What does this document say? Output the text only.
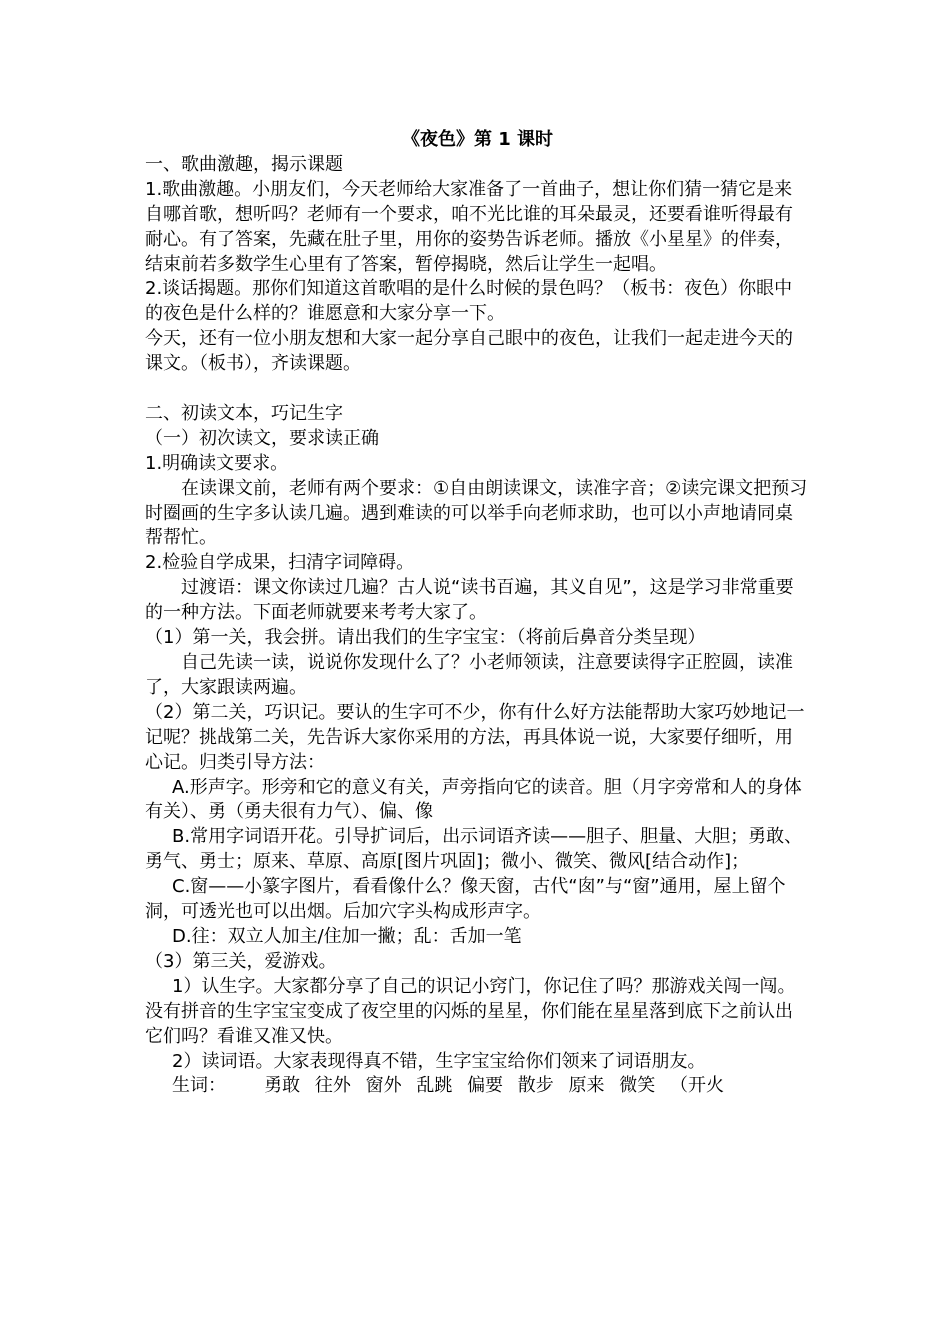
《夜色》第 1 课时

一、歌曲激趣，揭示课题

1.歌曲激趣。小朋友们，今天老师给大家准备了一首曲子，想让你们猜一猜它是来自哪首歌，想听吗？老师有一个要求，咱不光比谁的耳朵最灵，还要看谁听得最有耐心。有了答案，先藏在肚子里，用你的姿势告诉老师。播放《小星星》的伴奏，结束前若多数学生心里有了答案，暂停揭晓，然后让学生一起唱。

2.谈话揭题。那你们知道这首歌唱的是什么时候的景色吗？（板书：夜色）你眼中的夜色是什么样的？谁愿意和大家分享一下。

今天，还有一位小朋友想和大家一起分享自己眼中的夜色，让我们一起走进今天的课文。（板书），齐读课题。

二、初读文本，巧记生字

（一）初次读文，要求读正确

1.明确读文要求。

在读课文前，老师有两个要求：①自由朗读课文，读准字音；②读完课文把预习时圈画的生字多认读几遍。遇到难读的可以举手向老师求助，也可以小声地请同桌帮帮忙。

2.检验自学成果，扫清字词障碍。

过渡语：课文你读过几遍？古人说“读书百遍，其义自见”，这是学习非常重要的一种方法。下面老师就要来考考大家了。

（1）第一关，我会拼。请出我们的生字宝宝：（将前后鼻音分类呈现）

自己先读一读，说说你发现什么了？小老师领读，注意要读得字正腔圆，读准了，大家跟读两遍。

（2）第二关，巧识记。要认的生字可不少，你有什么好方法能帮助大家巧妙地记一记呢？挑战第二关，先告诉大家你采用的方法，再具体说一说，大家要仔细听，用心记。归类引导方法：

A.形声字。形旁和它的意义有关，声旁指向它的读音。胆（月字旁常和人的身体有关）、勇（勇夫很有力气）、偏、像

B.常用字词语开花。引导扩词后，出示词语齐读——胆子、胆量、大胆；勇敢、勇气、勇士；原来、草原、高原[图片巩固]；微小、微笑、微风[结合动作]；

C.窗——小篆字图片，看看像什么？像天窗，古代“囱”与“窗”通用，屋上留个洞，可透光也可以出烟。后加穴字头构成形声字。

D.往：双立人加主/住加一撇；乱：舌加一笔

（3）第三关，爱游戏。

1）认生字。大家都分享了自己的识记小窍门，你记住了吗？那游戏关闯一闯。没有拼音的生字宝宝变成了夜空里的闪烁的星星，你们能在星星落到底下之前认出它们吗？看谁又准又快。

2）读词语。大家表现得真不错，生字宝宝给你们领来了词语朋友。

生词： 勇敢 往外 窗外 乱跳 偏要 散步 原来 微笑 （开火
